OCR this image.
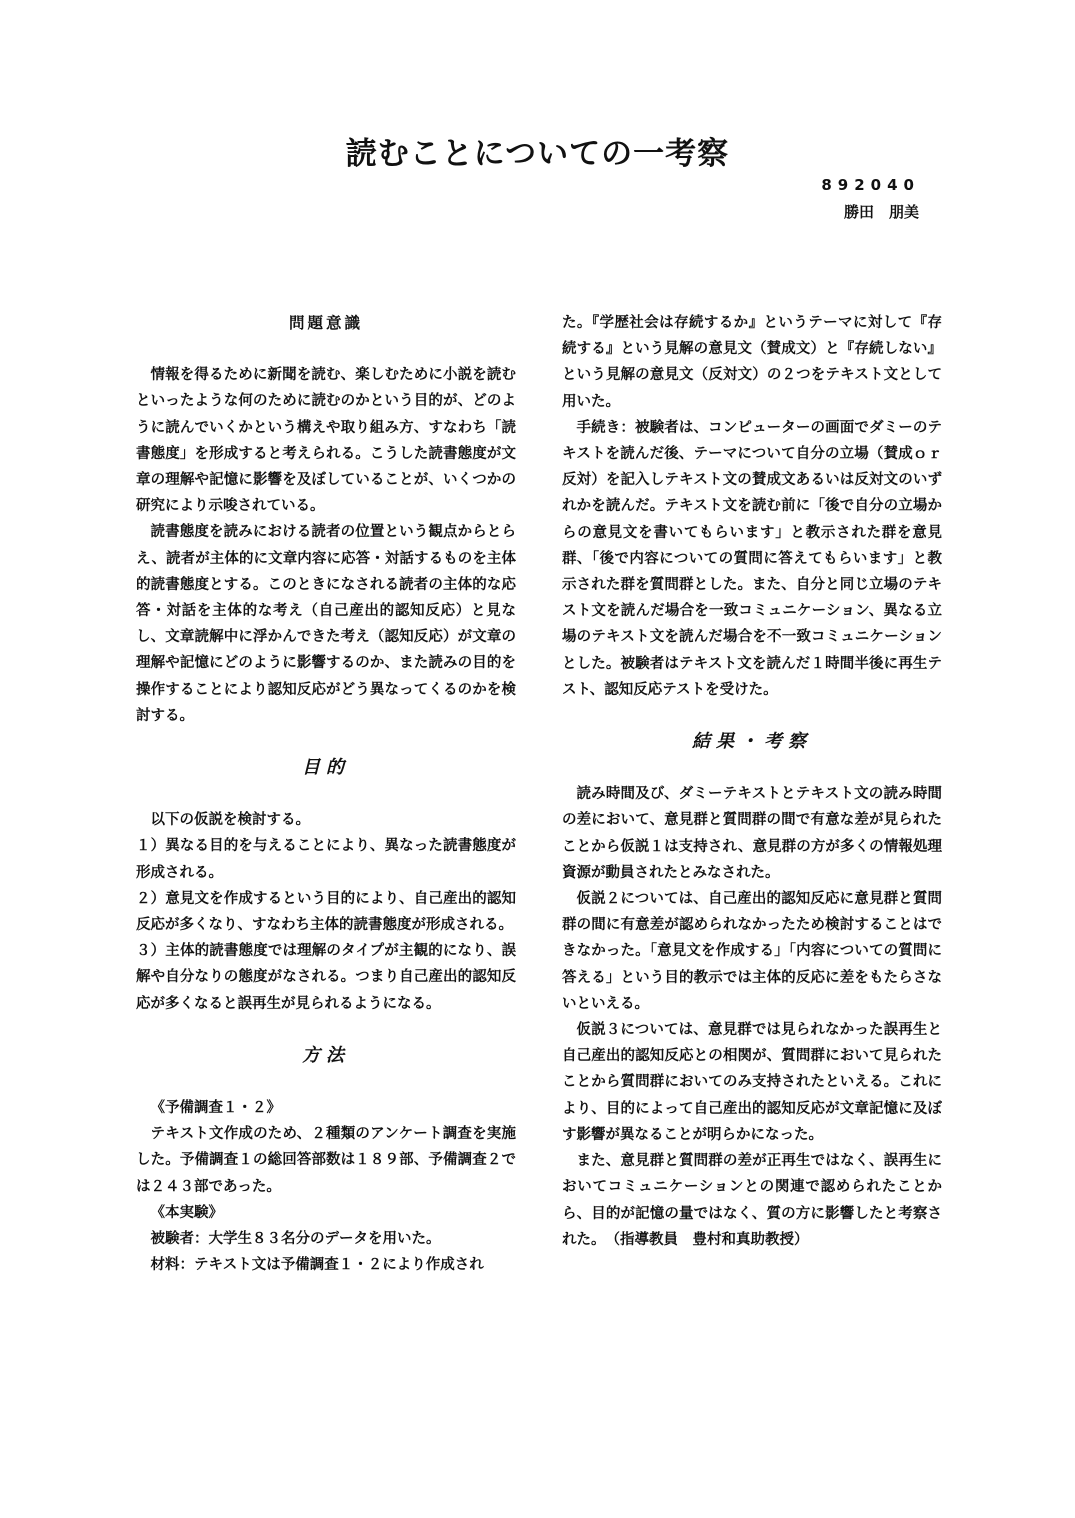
読むことについての一考察
892040
勝田　朋美
問題意識

情報を得るために新聞を読む、楽しむために小説を読むといったような何のために読むのかという目的が、どのように読んでいくかという構えや取り組み方、すなわち「読書態度」を形成すると考えられる。こうした読書態度が文章の理解や記憶に影響を及ぼしていることが、いくつかの研究により示唆されている。

読書態度を読みにおける読者の位置という観点からとらえ、読者が主体的に文章内容に応答・対話するものを主体的読書態度とする。このときになされる読者の主体的な応答・対話を主体的な考え（自己産出的認知反応）と見なし、文章読解中に浮かんできた考え（認知反応）が文章の理解や記憶にどのように影響するのか、また読みの目的を操作することにより認知反応がどう異なってくるのかを検討する。

目的

以下の仮説を検討する。

１）異なる目的を与えることにより、異なった読書態度が形成される。

２）意見文を作成するという目的により、自己産出的認知反応が多くなり、すなわち主体的読書態度が形成される。

３）主体的読書態度では理解のタイプが主観的になり、誤解や自分なりの態度がなされる。つまり自己産出的認知反応が多くなると誤再生が見られるようになる。

方法

《予備調査１・２》

テキスト文作成のため、２種類のアンケート調査を実施した。予備調査１の総回答部数は１８９部、予備調査２では２４３部であった。

《本実験》

被験者：大学生８３名分のデータを用いた。

材料：テキスト文は予備調査１・２により作成され

た。『学歴社会は存続するか』というテーマに対して『存続する』という見解の意見文（賛成文）と『存続しない』という見解の意見文（反対文）の２つをテキスト文として用いた。

手続き：被験者は、コンピューターの画面でダミーのテキストを読んだ後、テーマについて自分の立場（賛成ｏｒ反対）を記入しテキスト文の賛成文あるいは反対文のいずれかを読んだ。テキスト文を読む前に「後で自分の立場からの意見文を書いてもらいます」と教示された群を意見群、「後で内容についての質問に答えてもらいます」と教示された群を質問群とした。また、自分と同じ立場のテキスト文を読んだ場合を一致コミュニケーション、異なる立場のテキスト文を読んだ場合を不一致コミュニケーションとした。被験者はテキスト文を読んだ１時間半後に再生テスト、認知反応テストを受けた。

結果・考察

読み時間及び、ダミーテキストとテキスト文の読み時間の差において、意見群と質問群の間で有意な差が見られたことから仮説１は支持され、意見群の方が多くの情報処理資源が動員されたとみなされた。

仮説２については、自己産出的認知反応に意見群と質問群の間に有意差が認められなかったため検討することはできなかった。「意見文を作成する」「内容についての質問に答える」という目的教示では主体的反応に差をもたらさないといえる。

仮説３については、意見群では見られなかった誤再生と自己産出的認知反応との相関が、質問群において見られたことから質問群においてのみ支持されたといえる。これにより、目的によって自己産出的認知反応が文章記憶に及ぼす影響が異なることが明らかになった。

また、意見群と質問群の差が正再生ではなく、誤再生においてコミュニケーションとの関連で認められたことから、目的が記憶の量ではなく、質の方に影響したと考察された。　（指導教員　豊村和真助教授）
